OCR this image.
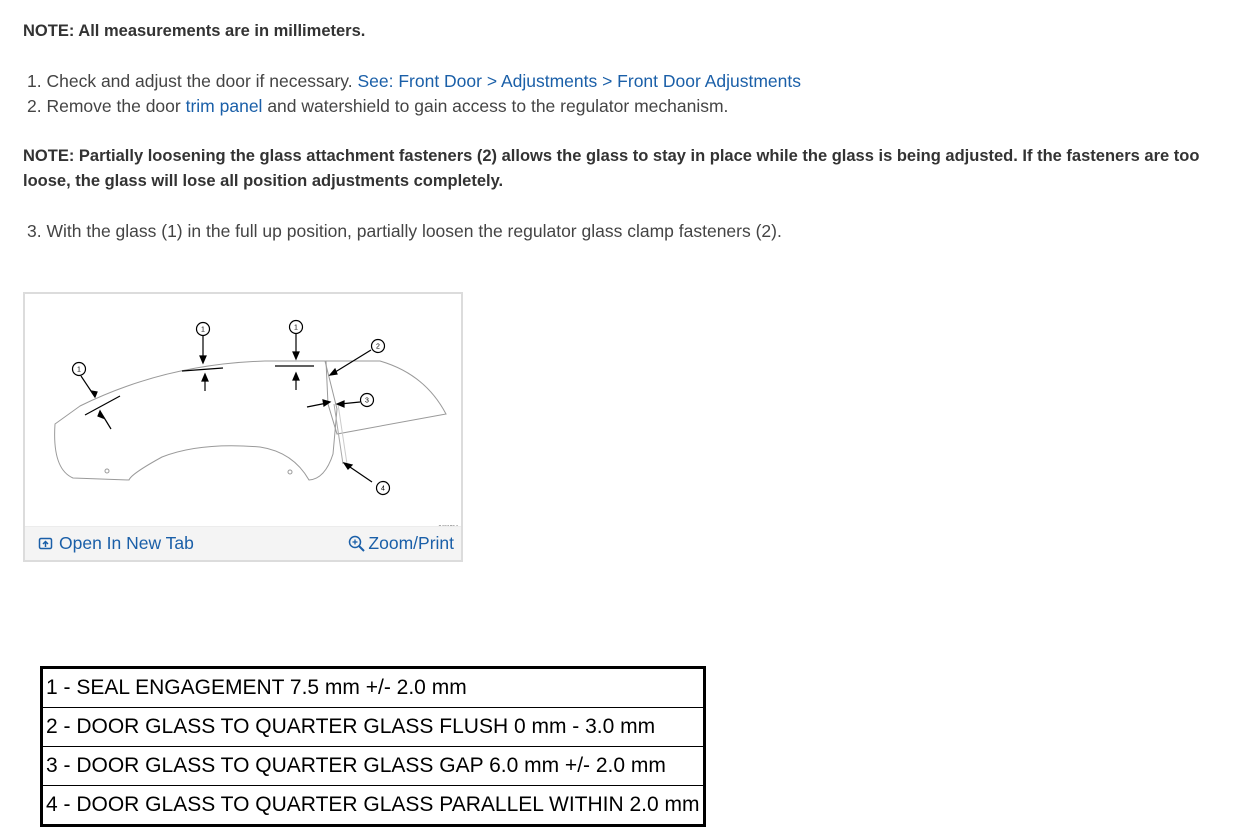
NOTE: All measurements are in millimeters.
1. Check and adjust the door if necessary. See: Front Door > Adjustments > Front Door Adjustments
2. Remove the door trim panel and watershield to gain access to the regulator mechanism.
NOTE: Partially loosening the glass attachment fasteners (2) allows the glass to stay in place while the glass is being adjusted. If the fasteners are too loose, the glass will lose all position adjustments completely.
3. With the glass (1) in the full up position, partially loosen the regulator glass clamp fasteners (2).
1
1	1
2
3
4
Open In New Tab	Zoom/Print
1 - SEAL ENGAGEMENT 7.5 mm +/- 2.0 mm
2 - DOOR GLASS TO QUARTER GLASS FLUSH 0 mm - 3.0 mm
3 - DOOR GLASS TO QUARTER GLASS GAP 6.0 mm +/- 2.0 mm
4 - DOOR GLASS TO QUARTER GLASS PARALLEL WITHIN 2.0 mm
